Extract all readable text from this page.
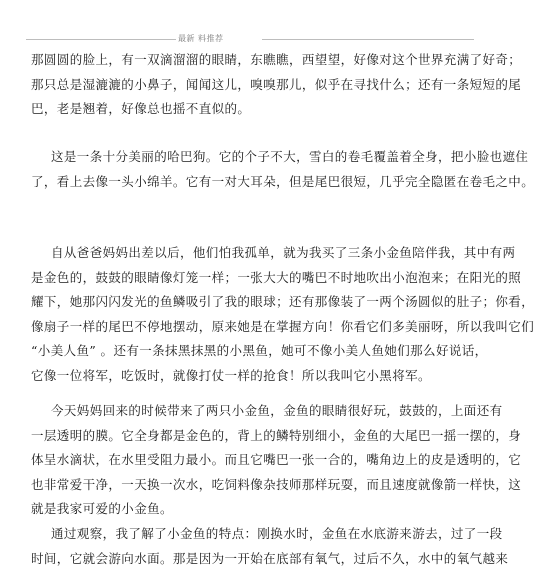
最新 料推荐

那圆圆的脸上，有一双滴溜溜的眼睛，东瞧瞧，西望望，好像对这个世界充满了好奇；
那只总是湿漉漉的小鼻子，闻闻这儿，嗅嗅那儿，似乎在寻找什么；还有一条短短的尾
巴，老是翘着，好像总也摇不直似的。

这是一条十分美丽的哈巴狗。它的个子不大，雪白的卷毛覆盖着全身，把小脸也遮住
了，看上去像一头小绵羊。它有一对大耳朵，但是尾巴很短，几乎完全隐匿在卷毛之中。

自从爸爸妈妈出差以后，他们怕我孤单，就为我买了三条小金鱼陪伴我，其中有两
是金色的，鼓鼓的眼睛像灯笼一样；一张大大的嘴巴不时地吹出小泡泡来；在阳光的照
耀下，她那闪闪发光的鱼鳞吸引了我的眼球；还有那像装了一两个汤圆似的肚子；你看，
像扇子一样的尾巴不停地摆动，原来她是在掌握方向！你看它们多美丽呀，所以我叫它们
“小美人鱼” 。还有一条抹黑抹黑的小黑鱼，她可不像小美人鱼她们那么好说话，
它像一位将军，吃饭时，就像打仗一样的抢食！所以我叫它小黑将军。

今天妈妈回来的时候带来了两只小金鱼，金鱼的眼睛很好玩，鼓鼓的，上面还有
一层透明的膜。它全身都是金色的，背上的鳞特别细小，金鱼的大尾巴一摇一摆的，身
体呈水滴状，在水里受阻力最小。而且它嘴巴一张一合的，嘴角边上的皮是透明的，它
也非常爱干净，一天换一次水，吃饲料像杂技师那样玩耍，而且速度就像箭一样快，这
就是我家可爱的小金鱼。

通过观察，我了解了小金鱼的特点：刚换水时，金鱼在水底游来游去，过了一段
时间，它就会游向水面。那是因为一开始在底部有氧气，过后不久，水中的氧气越来
